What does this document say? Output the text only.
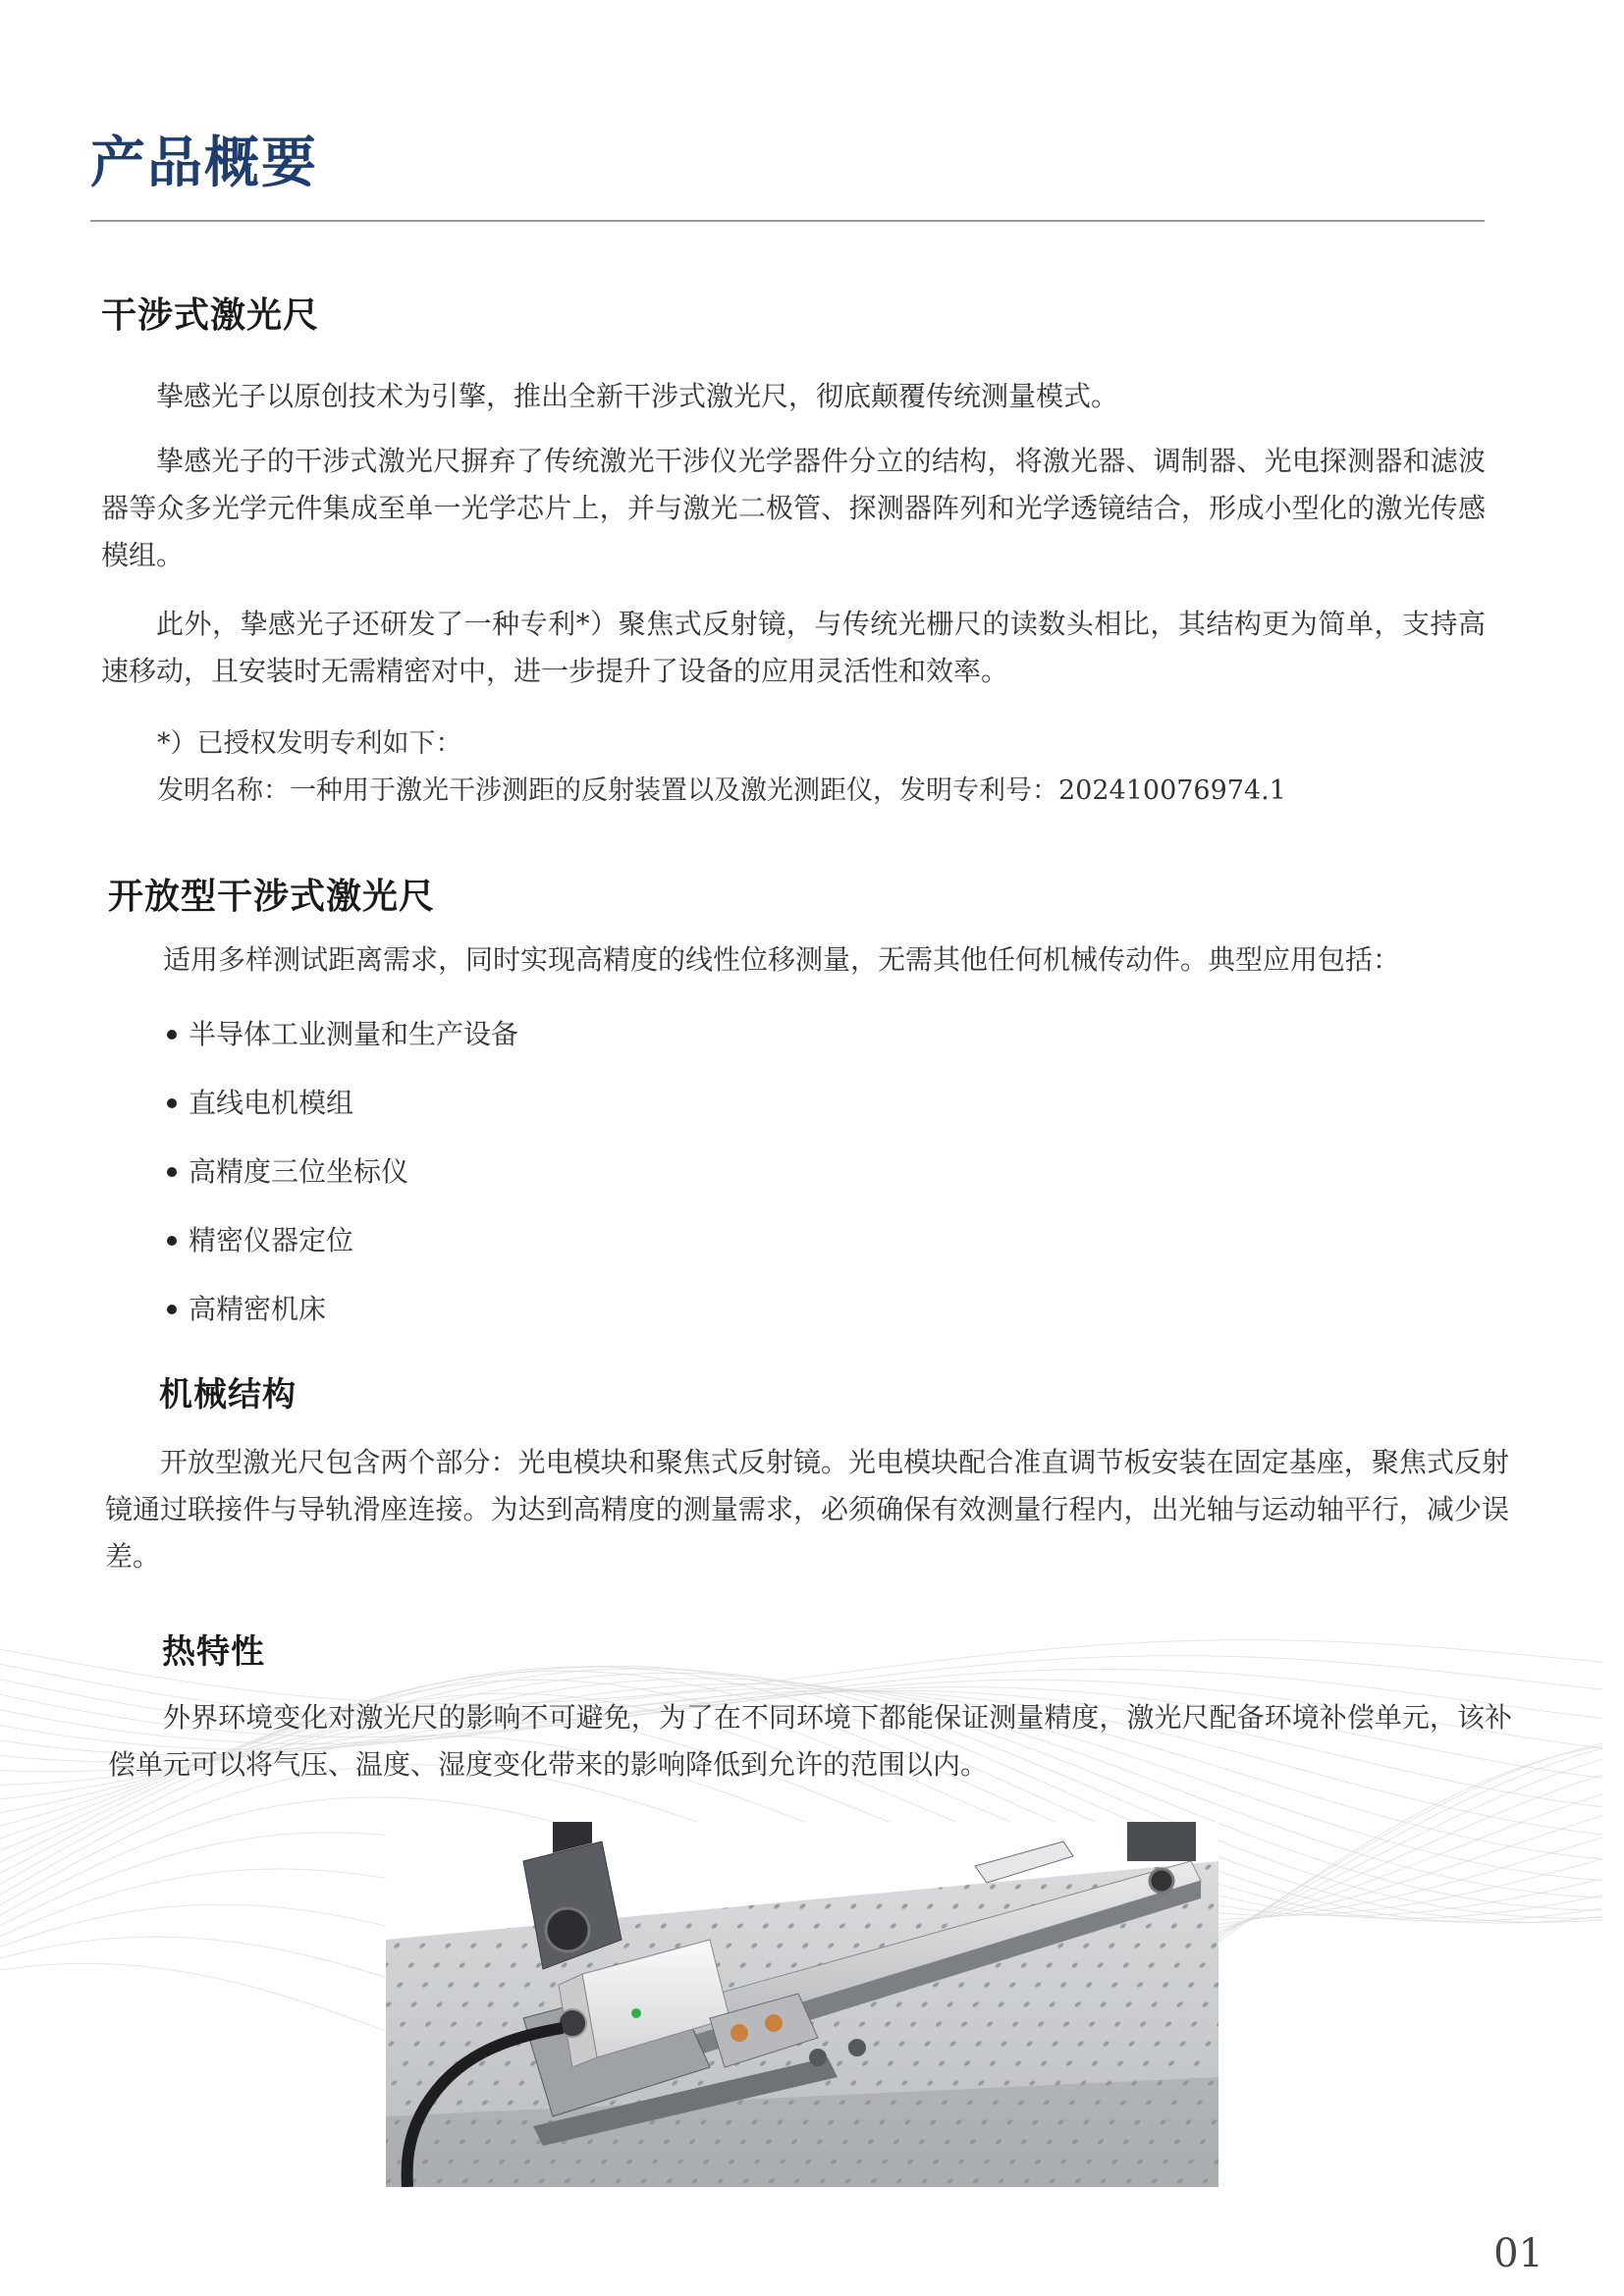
产品概要
干涉式激光尺

挚感光子以原创技术为引擎，推出全新干涉式激光尺，彻底颠覆传统测量模式。

挚感光子的干涉式激光尺摒弃了传统激光干涉仪光学器件分立的结构，将激光器、调制器、光电探测器和滤波器等众多光学元件集成至单一光学芯片上，并与激光二极管、探测器阵列和光学透镜结合，形成小型化的激光传感模组。

此外，挚感光子还研发了一种专利*）聚焦式反射镜，与传统光栅尺的读数头相比，其结构更为简单，支持高速移动，且安装时无需精密对中，进一步提升了设备的应用灵活性和效率。

*）已授权发明专利如下：

发明名称：一种用于激光干涉测距的反射装置以及激光测距仪，发明专利号：202410076974.1

开放型干涉式激光尺

适用多样测试距离需求，同时实现高精度的线性位移测量，无需其他任何机械传动件。典型应用包括：

半导体工业测量和生产设备
直线电机模组
高精度三位坐标仪
精密仪器定位
高精密机床
机械结构

开放型激光尺包含两个部分：光电模块和聚焦式反射镜。光电模块配合准直调节板安装在固定基座，聚焦式反射镜通过联接件与导轨滑座连接。为达到高精度的测量需求，必须确保有效测量行程内，出光轴与运动轴平行，减少误差。

热特性

外界环境变化对激光尺的影响不可避免，为了在不同环境下都能保证测量精度，激光尺配备环境补偿单元，该补偿单元可以将气压、温度、湿度变化带来的影响降低到允许的范围以内。

01
